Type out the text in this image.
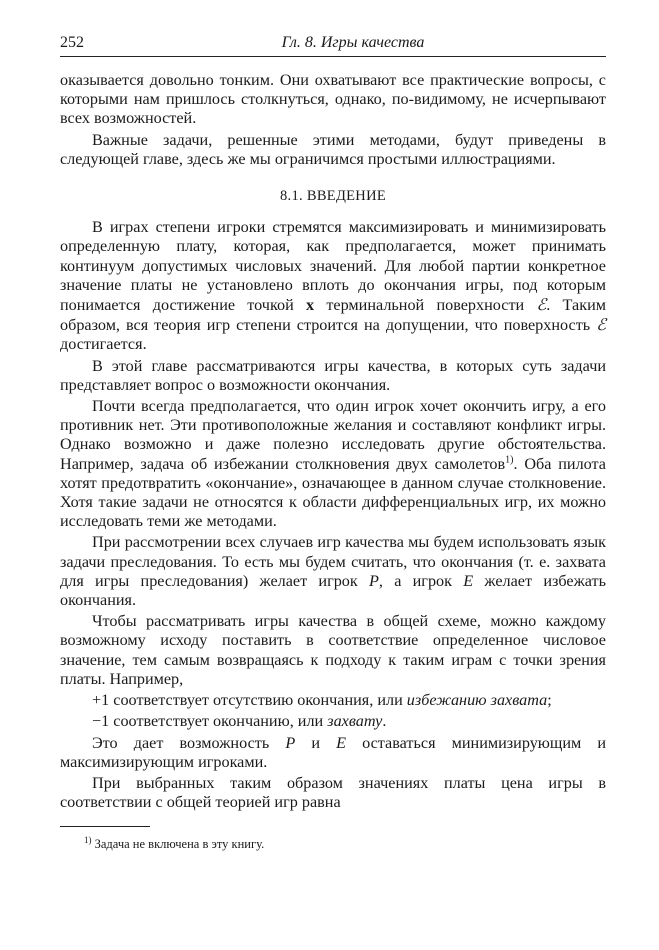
252	Гл. 8. Игры качества

оказывается довольно тонким. Они охватывают все практические вопросы, с которыми нам пришлось столкнуться, однако, по-видимому, не исчерпывают всех возможностей.

Важные задачи, решенные этими методами, будут приведены в следующей главе, здесь же мы ограничимся простыми иллюстрациями.

8.1. ВВЕДЕНИЕ

В играх степени игроки стремятся максимизировать и минимизировать определенную плату, которая, как предполагается, может принимать континуум допустимых числовых значений. Для любой партии конкретное значение платы не установлено вплоть до окончания игры, под которым понимается достижение точкой x терминальной поверхности ℰ. Таким образом, вся теория игр степени строится на допущении, что поверхность ℰ достигается.

В этой главе рассматриваются игры качества, в которых суть задачи представляет вопрос о возможности окончания.

Почти всегда предполагается, что один игрок хочет окончить игру, а его противник нет. Эти противоположные желания и составляют конфликт игры. Однако возможно и даже полезно исследовать другие обстоятельства. Например, задача об избежании столкновения двух самолетов$^{1)}$. Оба пилота хотят предотвратить «окончание», означающее в данном случае столкновение. Хотя такие задачи не относятся к области дифференциальных игр, их можно исследовать теми же методами.

При рассмотрении всех случаев игр качества мы будем использовать язык задачи преследования. То есть мы будем считать, что окончания (т. е. захвата для игры преследования) желает игрок P, а игрок E желает избежать окончания.

Чтобы рассматривать игры качества в общей схеме, можно каждому возможному исходу поставить в соответствие определенное числовое значение, тем самым возвращаясь к подходу к таким играм с точки зрения платы. Например,

+1 соответствует отсутствию окончания, или избежанию захвата;

−1 соответствует окончанию, или захвату.

Это дает возможность P и E оставаться минимизирующим и максимизирующим игроками.

При выбранных таким образом значениях платы цена игры в соответствии с общей теорией игр равна

$^{1)}$ Задача не включена в эту книгу.
